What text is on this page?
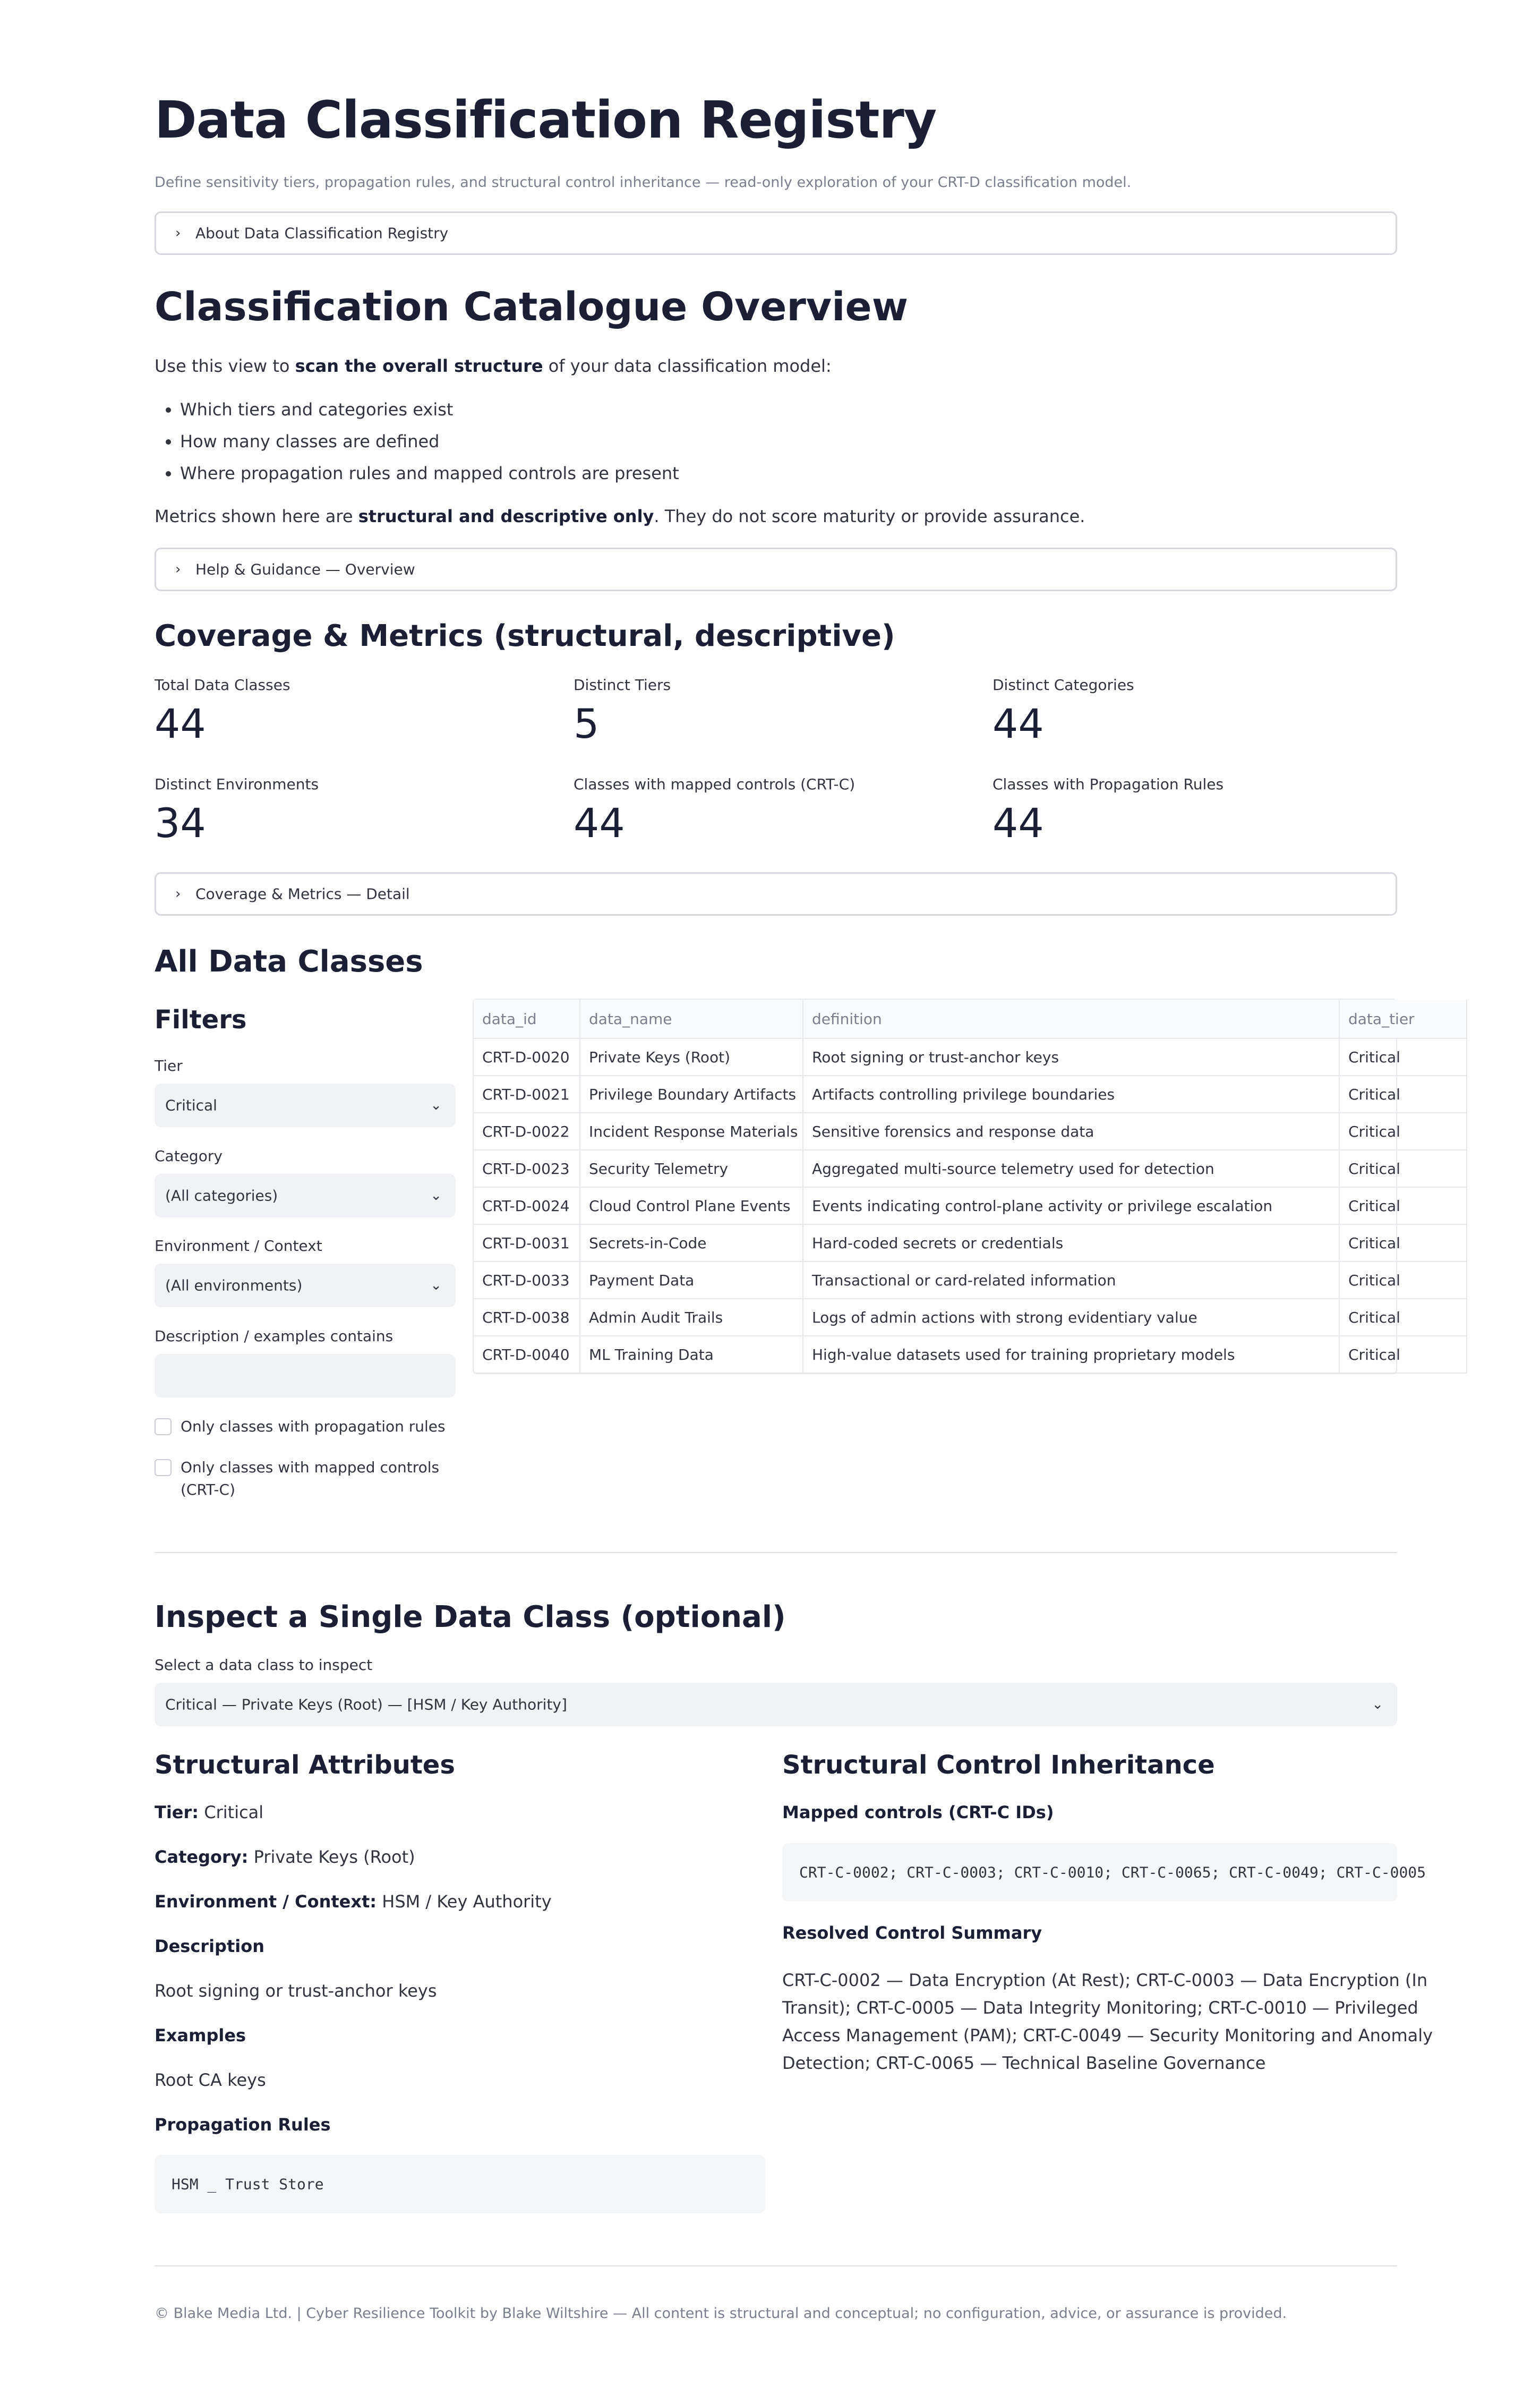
Data Classification Registry
Define sensitivity tiers, propagation rules, and structural control inheritance — read-only exploration of your CRT-D classification model.
› About Data Classification Registry
Classification Catalogue Overview
Use this view to scan the overall structure of your data classification model:
• Which tiers and categories exist
• How many classes are defined
• Where propagation rules and mapped controls are present
Metrics shown here are structural and descriptive only. They do not score maturity or provide assurance.
› Help & Guidance — Overview
Coverage & Metrics (structural, descriptive)
Total Data Classes
44
Distinct Tiers
5
Distinct Categories
44
Distinct Environments
34
Classes with mapped controls (CRT-C)
44
Classes with Propagation Rules
44
› Coverage & Metrics — Detail
All Data Classes
Filters
Tier
Critical	⌄
Category
(All categories)	⌄
Environment / Context
(All environments)	⌄
Description / examples contains
Only classes with propagation rules
Only classes with mapped controls
(CRT-C)
data_id	data_name	definition	data_tier
CRT-D-0020	Private Keys (Root)	Root signing or trust-anchor keys	Critical
CRT-D-0021	Privilege Boundary Artifacts	Artifacts controlling privilege boundaries	Critical
CRT-D-0022	Incident Response Materials	Sensitive forensics and response data	Critical
CRT-D-0023	Security Telemetry	Aggregated multi-source telemetry used for detection	Critical
CRT-D-0024	Cloud Control Plane Events	Events indicating control-plane activity or privilege escalation	Critical
CRT-D-0031	Secrets-in-Code	Hard-coded secrets or credentials	Critical
CRT-D-0033	Payment Data	Transactional or card-related information	Critical
CRT-D-0038	Admin Audit Trails	Logs of admin actions with strong evidentiary value	Critical
CRT-D-0040	ML Training Data	High-value datasets used for training proprietary models	Critical
Inspect a Single Data Class (optional)
Select a data class to inspect
Critical — Private Keys (Root) — [HSM / Key Authority]	⌄
Structural Attributes
Tier: Critical
Category: Private Keys (Root)
Environment / Context: HSM / Key Authority
Description
Root signing or trust-anchor keys
Examples
Root CA keys
Propagation Rules
HSM _ Trust Store
Structural Control Inheritance
Mapped controls (CRT-C IDs)
CRT-C-0002; CRT-C-0003; CRT-C-0010; CRT-C-0065; CRT-C-0049; CRT-C-0005
Resolved Control Summary
CRT-C-0002 — Data Encryption (At Rest); CRT-C-0003 — Data Encryption (In
Transit); CRT-C-0005 — Data Integrity Monitoring; CRT-C-0010 — Privileged
Access Management (PAM); CRT-C-0049 — Security Monitoring and Anomaly
Detection; CRT-C-0065 — Technical Baseline Governance
© Blake Media Ltd. | Cyber Resilience Toolkit by Blake Wiltshire — All content is structural and conceptual; no configuration, advice, or assurance is provided.
